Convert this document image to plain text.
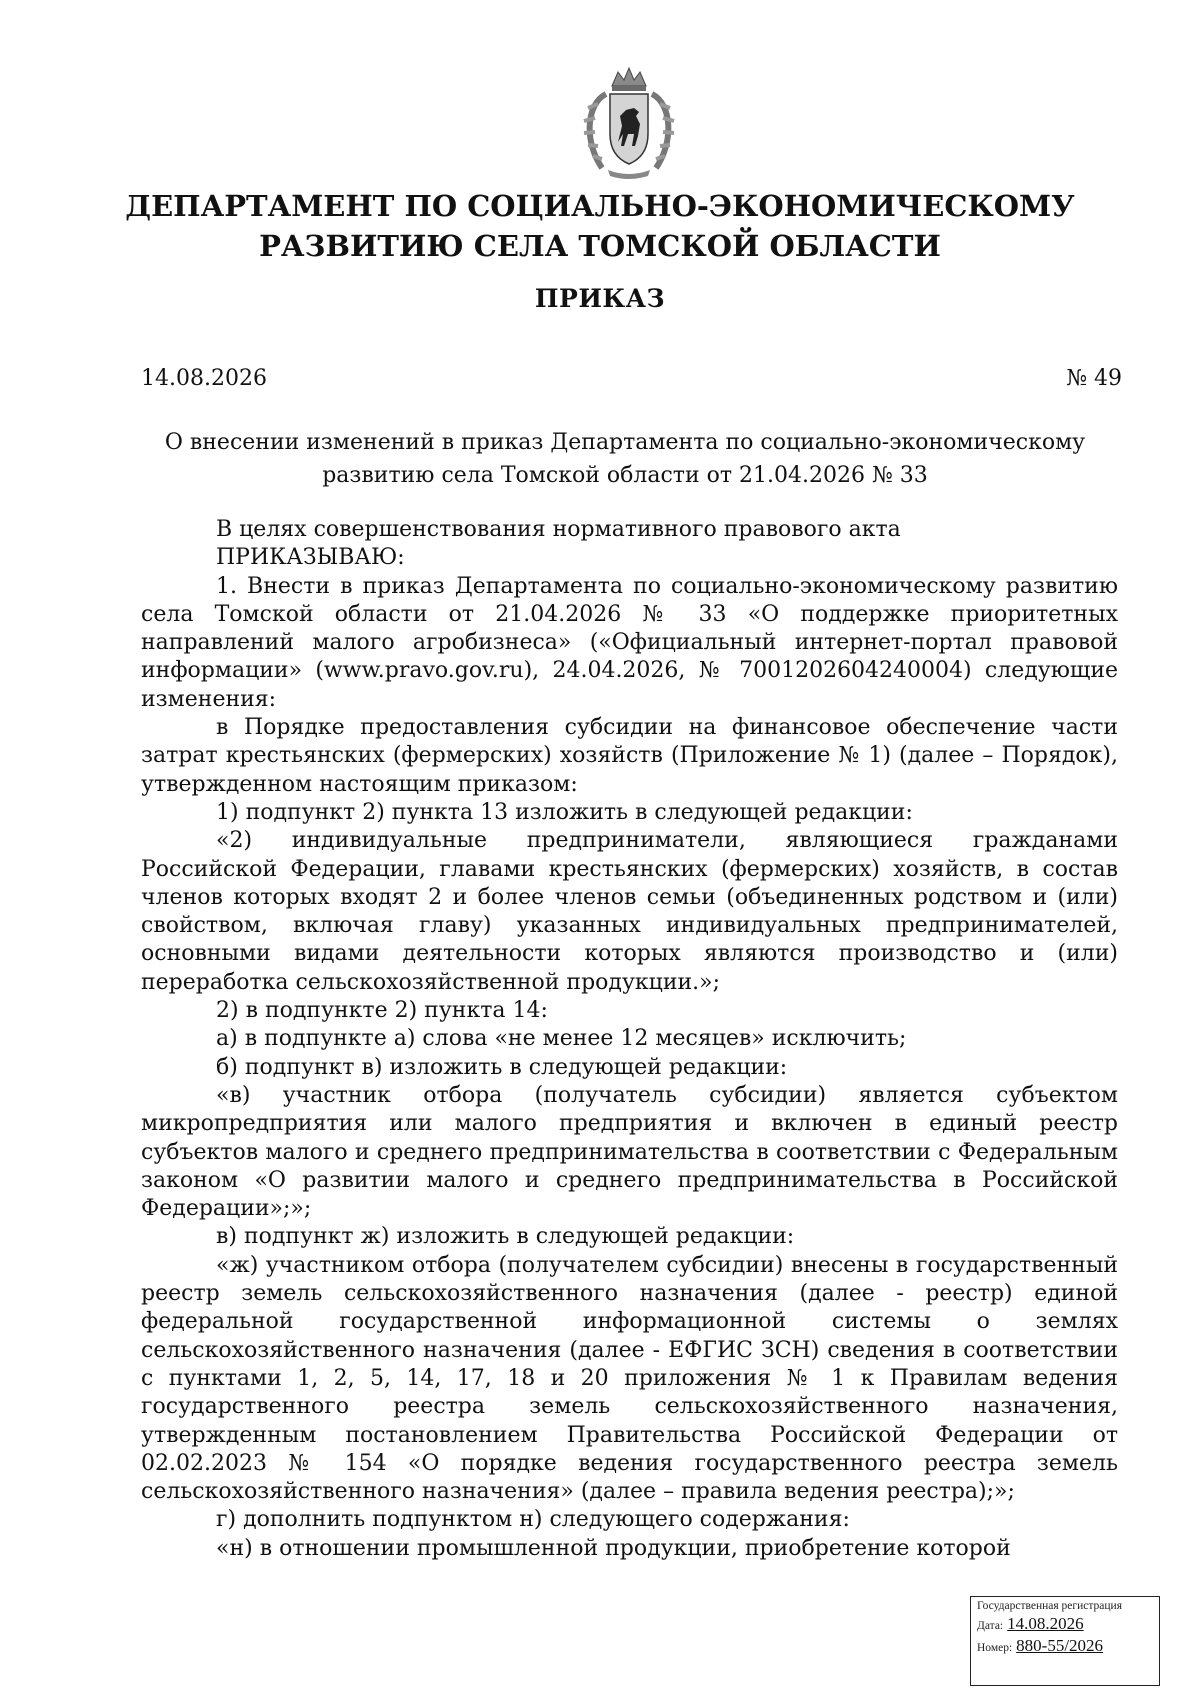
ДЕПАРТАМЕНТ ПО СОЦИАЛЬНО-ЭКОНОМИЧЕСКОМУ
РАЗВИТИЮ СЕЛА ТОМСКОЙ ОБЛАСТИ
ПРИКАЗ
14.08.2026	№ 49
О внесении изменений в приказ Департамента по социально-экономическому
развитию села Томской области от 21.04.2026 № 33

В целях совершенствования нормативного правового акта

ПРИКАЗЫВАЮ:

1. Внести в приказ Департамента по социально-экономическому развитию села Томской области от 21.04.2026 № 33 «О поддержке приоритетных направлений малого агробизнеса» («Официальный интернет-портал правовой информации» (www.pravo.gov.ru), 24.04.2026, № 7001202604240004) следующие изменения:

в Порядке предоставления субсидии на финансовое обеспечение части затрат крестьянских (фермерских) хозяйств (Приложение № 1) (далее – Порядок), утвержденном настоящим приказом:

1) подпункт 2) пункта 13 изложить в следующей редакции:

«2) индивидуальные предприниматели, являющиеся гражданами Российской Федерации, главами крестьянских (фермерских) хозяйств, в состав членов которых входят 2 и более членов семьи (объединенных родством и (или) свойством, включая главу) указанных индивидуальных предпринимателей, основными видами деятельности которых являются производство и (или) переработка сельскохозяйственной продукции.»;

2) в подпункте 2) пункта 14:

а) в подпункте а) слова «не менее 12 месяцев» исключить;

б) подпункт в) изложить в следующей редакции:

«в) участник отбора (получатель субсидии) является субъектом микропредприятия или малого предприятия и включен в единый реестр субъектов малого и среднего предпринимательства в соответствии с Федеральным законом «О развитии малого и среднего предпринимательства в Российской Федерации»;»;

в) подпункт ж) изложить в следующей редакции:

«ж) участником отбора (получателем субсидии) внесены в государственный реестр земель сельскохозяйственного назначения (далее - реестр) единой федеральной государственной информационной системы о землях сельскохозяйственного назначения (далее - ЕФГИС ЗСН) сведения в соответствии с пунктами 1, 2, 5, 14, 17, 18 и 20 приложения № 1 к Правилам ведения государственного реестра земель сельскохозяйственного назначения, утвержденным постановлением Правительства Российской Федерации от 02.02.2023 № 154 «О порядке ведения государственного реестра земель сельскохозяйственного назначения» (далее – правила ведения реестра);»;

г) дополнить подпунктом н) следующего содержания:

«н) в отношении промышленной продукции, приобретение которой

Государственная регистрация
Дата: 14.08.2026
Номер: 880-55/2026
